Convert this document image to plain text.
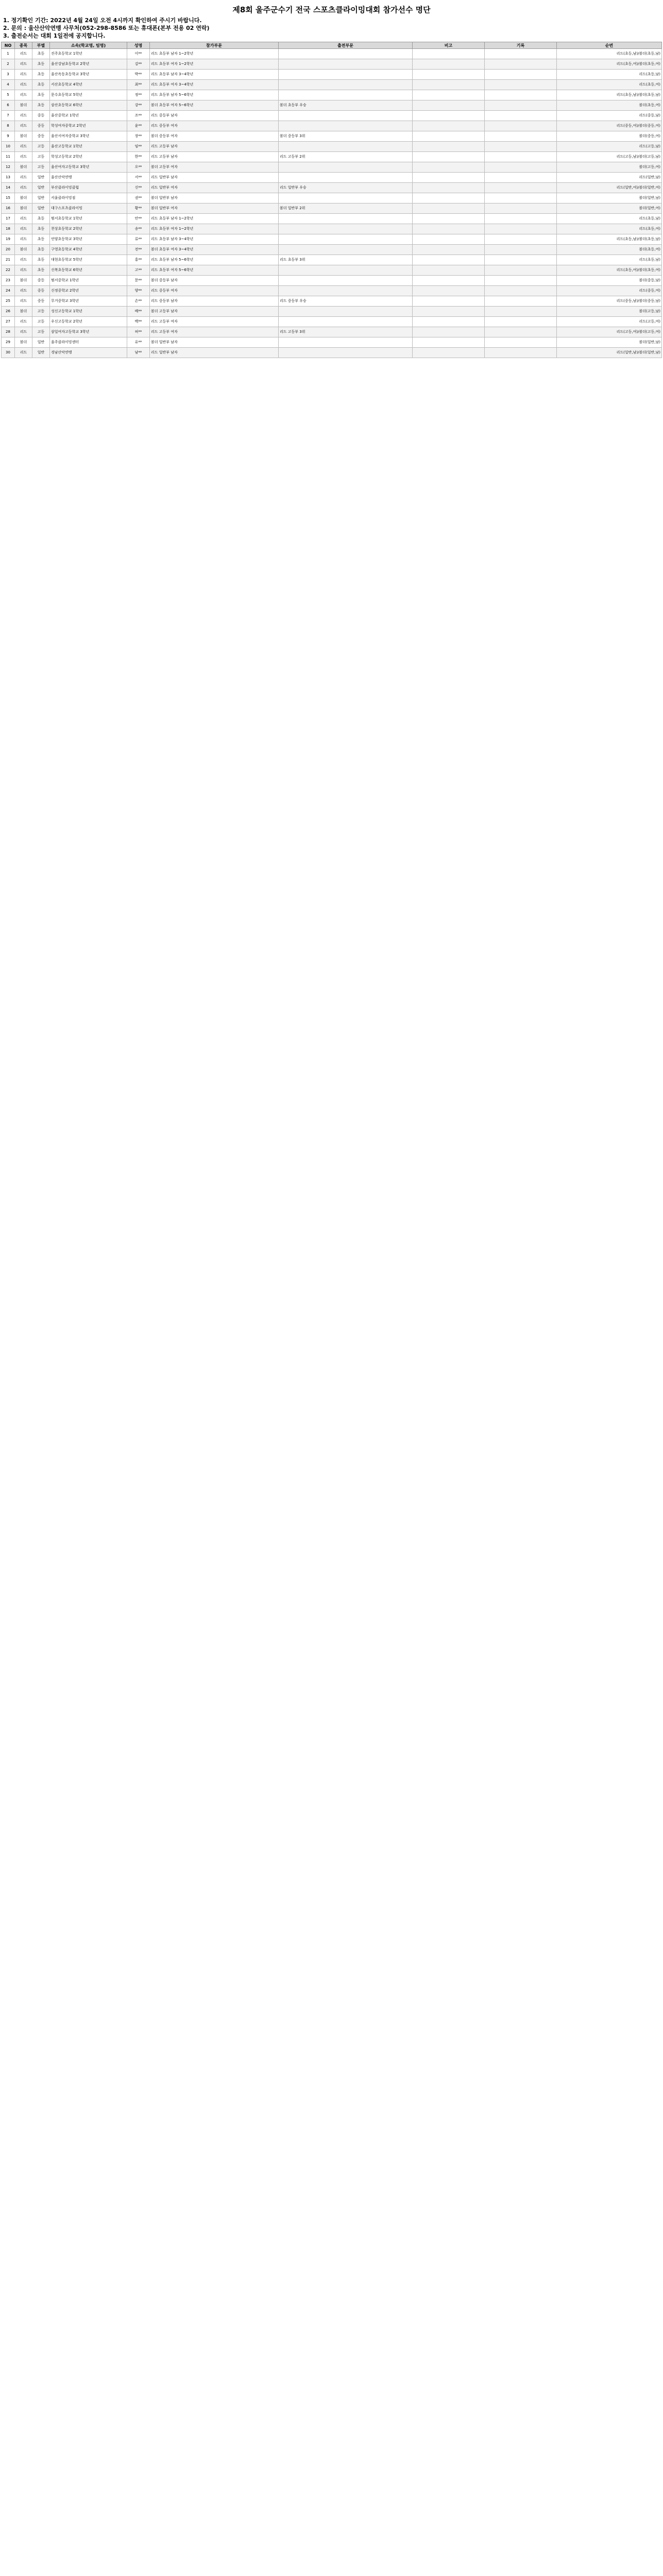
제8회 울주군수기 전국 스포츠클라이밍대회 참가선수 명단
1. 정기확인 기간: 2022년 4월 24일 오전 4시까지 확인하여 주시기 바랍니다.
2. 문의 : 울산산악연맹 사무처(052-298-8586 또는 휴대폰(본부 전용 02 연락)
3. 출전순서는 대회 1일전에 공지합니다.
NO	종목	부별	소속(학교명, 팀명)	성명	참가부문	출전부문	비고	기록	순번
1	리드	초등	진주초등학교 1학년	이**	리드 초등부 남자 1~2학년				리드(초등,남)/볼더(초등,남)
2	리드	초등	울산강남초등학교 2학년	김**	리드 초등부 여자 1~2학년				리드(초등,여)/볼더(초등,여)
3	리드	초등	울산옥동초등학교 3학년	박**	리드 초등부 남자 3~4학년				리드(초등,남)
4	리드	초등	서산초등학교 4학년	최**	리드 초등부 여자 3~4학년				리드(초등,여)
5	리드	초등	문수초등학교 5학년	정**	리드 초등부 남자 5~6학년				리드(초등,남)/볼더(초등,남)
6	볼더	초등	삼산초등학교 6학년	강**	볼더 초등부 여자 5~6학년	볼더 초등부 우승			볼더(초등,여)
7	리드	중등	울산중학교 1학년	조**	리드 중등부 남자				리드(중등,남)
8	리드	중등	학성여자중학교 2학년	윤**	리드 중등부 여자				리드(중등,여)/볼더(중등,여)
9	볼더	중등	울산서여자중학교 3학년	장**	볼더 중등부 여자	볼더 중등부 3위			볼더(중등,여)
10	리드	고등	울산고등학교 1학년	임**	리드 고등부 남자				리드(고등,남)
11	리드	고등	학성고등학교 2학년	한**	리드 고등부 남자	리드 고등부 2위			리드(고등,남)/볼더(고등,남)
12	볼더	고등	울산여자고등학교 3학년	오**	볼더 고등부 여자				볼더(고등,여)
13	리드	일반	울산산악연맹	서**	리드 일반부 남자				리드(일반,남)
14	리드	일반	부산클라이밍클럽	신**	리드 일반부 여자	리드 일반부 우승			리드(일반,여)/볼더(일반,여)
15	볼더	일반	서울클라이밍짐	권**	볼더 일반부 남자				볼더(일반,남)
16	볼더	일반	대구스포츠클라이밍	황**	볼더 일반부 여자	볼더 일반부 2위			볼더(일반,여)
17	리드	초등	범서초등학교 1학년	안**	리드 초등부 남자 1~2학년				리드(초등,남)
18	리드	초등	천상초등학교 2학년	송**	리드 초등부 여자 1~2학년				리드(초등,여)
19	리드	초등	언양초등학교 3학년	류**	리드 초등부 남자 3~4학년				리드(초등,남)/볼더(초등,남)
20	볼더	초등	구영초등학교 4학년	전**	볼더 초등부 여자 3~4학년				볼더(초등,여)
21	리드	초등	대현초등학교 5학년	홍**	리드 초등부 남자 5~6학년	리드 초등부 3위			리드(초등,남)
22	리드	초등	신복초등학교 6학년	고**	리드 초등부 여자 5~6학년				리드(초등,여)/볼더(초등,여)
23	볼더	중등	범서중학교 1학년	문**	볼더 중등부 남자				볼더(중등,남)
24	리드	중등	신정중학교 2학년	양**	리드 중등부 여자				리드(중등,여)
25	리드	중등	무거중학교 3학년	손**	리드 중등부 남자	리드 중등부 우승			리드(중등,남)/볼더(중등,남)
26	볼더	고등	성신고등학교 1학년	배**	볼더 고등부 남자				볼더(고등,남)
27	리드	고등	우신고등학교 2학년	백**	리드 고등부 여자				리드(고등,여)
28	리드	고등	삼일여자고등학교 3학년	허**	리드 고등부 여자	리드 고등부 3위			리드(고등,여)/볼더(고등,여)
29	볼더	일반	울주클라이밍센터	유**	볼더 일반부 남자				볼더(일반,남)
30	리드	일반	경남산악연맹	남**	리드 일반부 남자				리드(일반,남)/볼더(일반,남)
